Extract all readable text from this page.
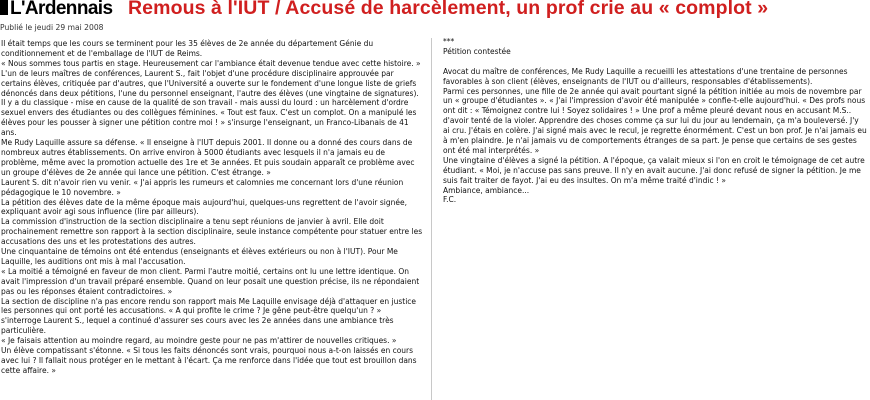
L'Ardennais Remous à l'IUT / Accusé de harcèlement, un prof crie au « complot »
Publié le jeudi 29 mai 2008

Il était temps que les cours se terminent pour les 35 élèves de 2e année du département Génie du conditionnement et de l'emballage de l'IUT de Reims.

« Nous sommes tous partis en stage. Heureusement car l'ambiance était devenue tendue avec cette histoire. »

L'un de leurs maîtres de conférences, Laurent S., fait l'objet d'une procédure disciplinaire approuvée par certains élèves, critiquée par d'autres, que l'Université a ouverte sur le fondement d'une longue liste de griefs dénoncés dans deux pétitions, l'une du personnel enseignant, l'autre des élèves (une vingtaine de signatures).

Il y a du classique - mise en cause de la qualité de son travail - mais aussi du lourd : un harcèlement d'ordre sexuel envers des étudiantes ou des collègues féminines. « Tout est faux. C'est un complot. On a manipulé les élèves pour les pousser à signer une pétition contre moi ! » s'insurge l'enseignant, un Franco-Libanais de 41 ans.

Me Rudy Laquille assure sa défense. « Il enseigne à l'IUT depuis 2001. Il donne ou a donné des cours dans de nombreux autres établissements. On arrive environ à 5000 étudiants avec lesquels il n'a jamais eu de problème, même avec la promotion actuelle des 1re et 3e années. Et puis soudain apparaît ce problème avec un groupe d'élèves de 2e année qui lance une pétition. C'est étrange. »

Laurent S. dit n'avoir rien vu venir. « J'ai appris les rumeurs et calomnies me concernant lors d'une réunion pédagogique le 10 novembre. »

La pétition des élèves date de la même époque mais aujourd'hui, quelques-uns regrettent de l'avoir signée, expliquant avoir agi sous influence (lire par ailleurs).

La commission d'instruction de la section disciplinaire a tenu sept réunions de janvier à avril. Elle doit prochainement remettre son rapport à la section disciplinaire, seule instance compétente pour statuer entre les accusations des uns et les protestations des autres.

Une cinquantaine de témoins ont été entendus (enseignants et élèves extérieurs ou non à l'IUT). Pour Me Laquille, les auditions ont mis à mal l'accusation.

« La moitié a témoigné en faveur de mon client. Parmi l'autre moitié, certains ont lu une lettre identique. On avait l'impression d'un travail préparé ensemble. Quand on leur posait une question précise, ils ne répondaient pas ou les réponses étaient contradictoires. »

La section de discipline n'a pas encore rendu son rapport mais Me Laquille envisage déjà d'attaquer en justice les personnes qui ont porté les accusations. « A qui profite le crime ? Je gêne peut-être quelqu'un ? » s'interroge Laurent S., lequel a continué d'assurer ses cours avec les 2e années dans une ambiance très particulière.

« Je faisais attention au moindre regard, au moindre geste pour ne pas m'attirer de nouvelles critiques. »

Un élève compatissant s'étonne. « Si tous les faits dénoncés sont vrais, pourquoi nous a-t-on laissés en cours avec lui ? Il fallait nous protéger en le mettant à l'écart. Ça me renforce dans l'idée que tout est brouillon dans cette affaire. »

***

Pétition contestée

Avocat du maître de conférences, Me Rudy Laquille a recueilli les attestations d'une trentaine de personnes favorables à son client (élèves, enseignants de l'IUT ou d'ailleurs, responsables d'établissements).

Parmi ces personnes, une fille de 2e année qui avait pourtant signé la pétition initiée au mois de novembre par un « groupe d'étudiantes ». « J'ai l'impression d'avoir été manipulée » confie-t-elle aujourd'hui. « Des profs nous ont dit : « Témoignez contre lui ! Soyez solidaires ! » Une prof a même pleuré devant nous en accusant M.S.. d'avoir tenté de la violer. Apprendre des choses comme ça sur lui du jour au lendemain, ça m'a bouleversé. J'y ai cru. J'étais en colère. J'ai signé mais avec le recul, je regrette énormément. C'est un bon prof. Je n'ai jamais eu à m'en plaindre. Je n'ai jamais vu de comportements étranges de sa part. Je pense que certains de ses gestes ont été mal interprétés. »

Une vingtaine d'élèves a signé la pétition. A l'époque, ça valait mieux si l'on en croit le témoignage de cet autre étudiant. « Moi, je n'accuse pas sans preuve. Il n'y en avait aucune. J'ai donc refusé de signer la pétition. Je me suis fait traiter de fayot. J'ai eu des insultes. On m'a même traité d'indic ! »

Ambiance, ambiance...

F.C.
